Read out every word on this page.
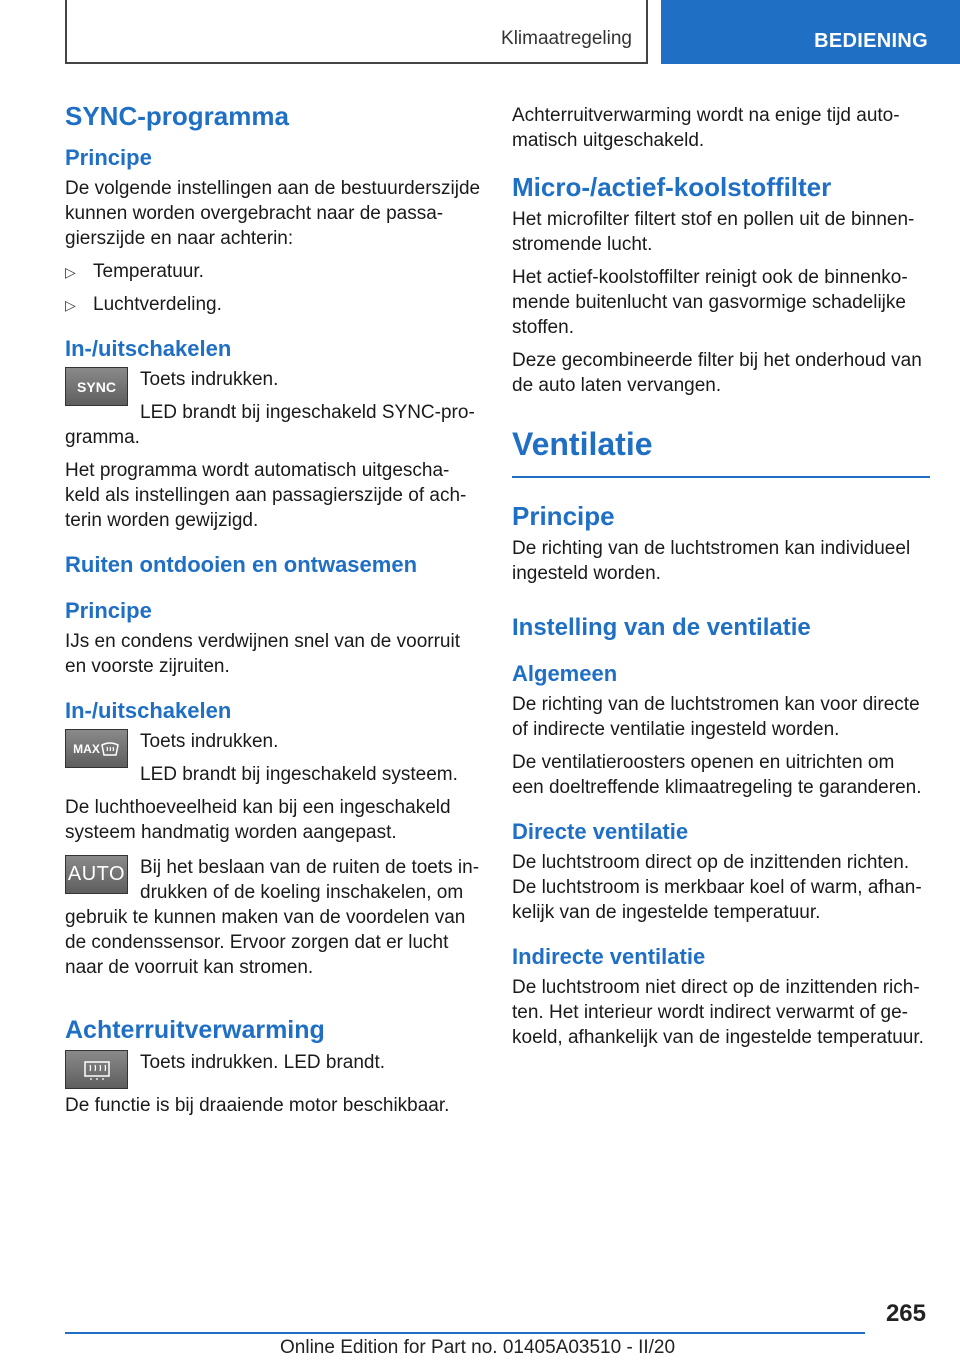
Klimaatregeling	BEDIENING
SYNC-programma
Principe

De volgende instellingen aan de bestuurderszijde kunnen worden overgebracht naar de passa-gierszijde en naar achterin:

▷ Temperatuur.
▷ Luchtverdeling.
In-/uitschakelen
SYNC	Toets indrukken.

LED brandt bij ingeschakeld SYNC-pro-gramma.

Het programma wordt automatisch uitgescha-keld als instellingen aan passagierszijde of ach-terin worden gewijzigd.

Ruiten ontdooien en ontwasemen
Principe

IJs en condens verdwijnen snel van de voorruit en voorste zijruiten.

In-/uitschakelen
MAX	Toets indrukken.

LED brandt bij ingeschakeld systeem.

De luchthoeveelheid kan bij een ingeschakeld systeem handmatig worden aangepast.

AUTO Bij het beslaan van de ruiten de toets in-drukken of de koeling inschakelen, om gebruik te kunnen maken van de voordelen van de condenssensor. Ervoor zorgen dat er lucht naar de voorruit kan stromen.

Achterruitverwarming

Toets indrukken. LED brandt.

De functie is bij draaiende motor beschikbaar.

Achterruitverwarming wordt na enige tijd auto-matisch uitgeschakeld.

Micro-/actief-koolstoffilter

Het microfilter filtert stof en pollen uit de binnen-stromende lucht.

Het actief-koolstoffilter reinigt ook de binnenko-mende buitenlucht van gasvormige schadelijke stoffen.

Deze gecombineerde filter bij het onderhoud van de auto laten vervangen.

Ventilatie
Principe

De richting van de luchtstromen kan individueel ingesteld worden.

Instelling van de ventilatie
Algemeen

De richting van de luchtstromen kan voor directe of indirecte ventilatie ingesteld worden.

De ventilatieroosters openen en uitrichten om een doeltreffende klimaatregeling te garanderen.

Directe ventilatie

De luchtstroom direct op de inzittenden richten. De luchtstroom is merkbaar koel of warm, afhan-kelijk van de ingestelde temperatuur.

Indirecte ventilatie

De luchtstroom niet direct op de inzittenden rich-ten. Het interieur wordt indirect verwarmt of ge-koeld, afhankelijk van de ingestelde temperatuur.

265
Online Edition for Part no. 01405A03510 - II/20
